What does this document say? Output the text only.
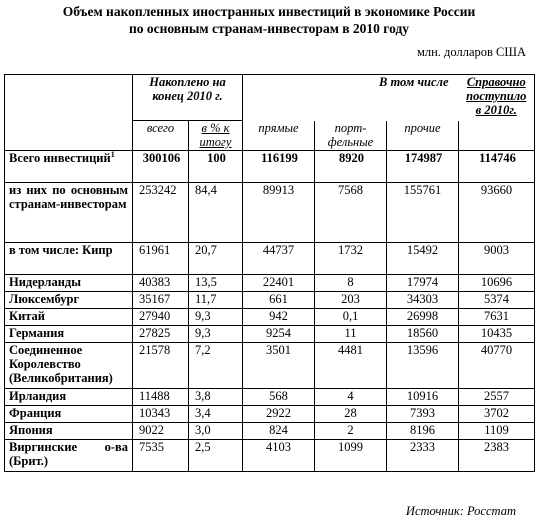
Объем накопленных иностранных инвестиций в экономике России
по основным странам-инвесторам в 2010 году
млн. долларов США
	Накоплено на конец 2010 г.		В том числе			Справочно поступило в 2010г.
	всего	в % к итогу	прямые	порт-фельные	прочие	
Всего инвестиций$^1$	300106	100	116199	8920	174987	114746
из них по основным странам-инвесторам	253242	84,4	89913	7568	155761	93660
в том числе: Кипр	61961	20,7	44737	1732	15492	9003
Нидерланды	40383	13,5	22401	8	17974	10696
Люксембург	35167	11,7	661	203	34303	5374
Китай	27940	9,3	942	0,1	26998	7631
Германия	27825	9,3	9254	11	18560	10435
Соединенное Королевство (Великобритания)	21578	7,2	3501	4481	13596	40770
Ирландия	11488	3,8	568	4	10916	2557
Франция	10343	3,4	2922	28	7393	3702
Япония	9022	3,0	824	2	8196	1109
Виргинские о-ва (Брит.)	7535	2,5	4103	1099	2333	2383
Источник: Росстат
